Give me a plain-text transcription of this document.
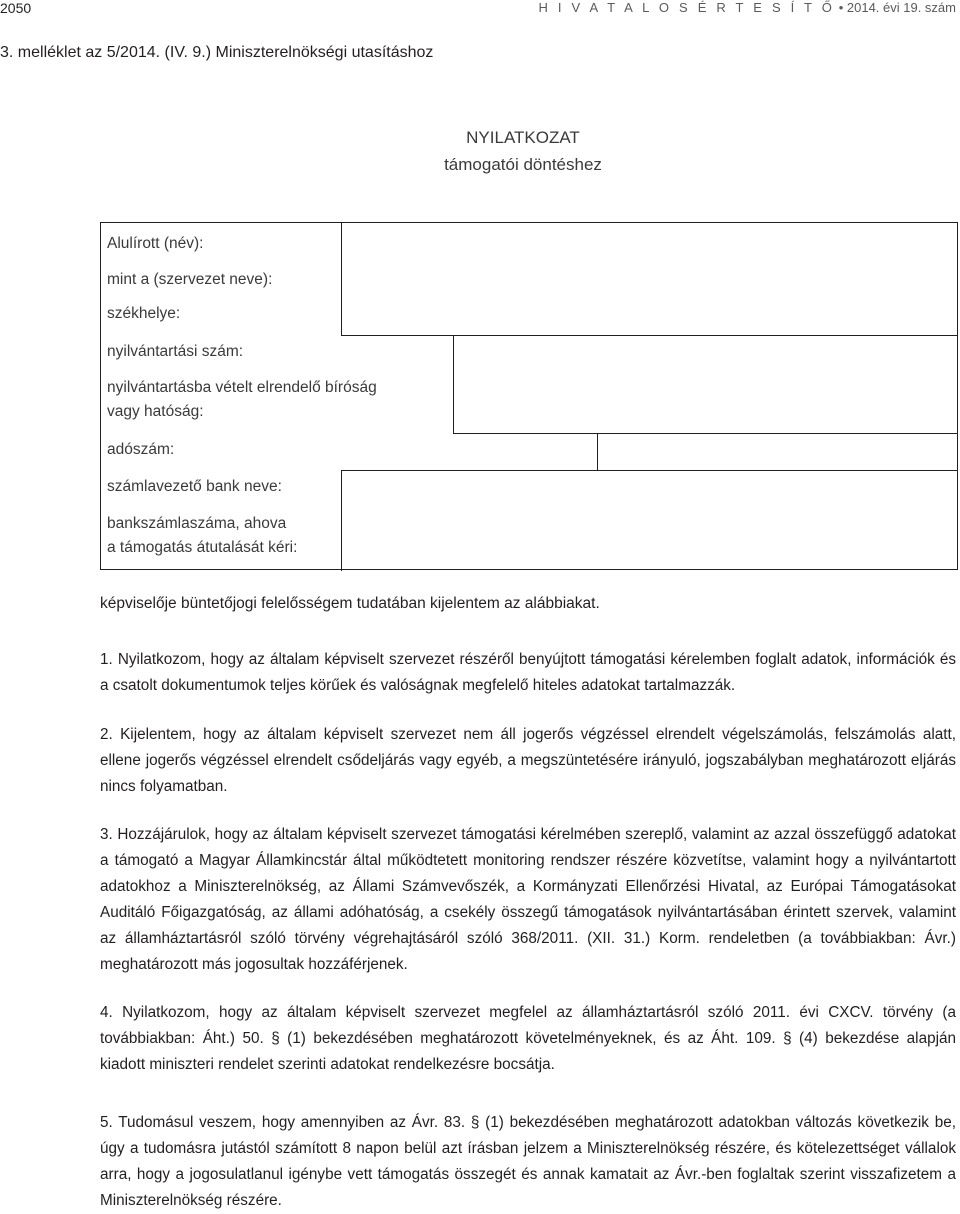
2050	H I V A T A L O S É R T E S Í T Ő • 2014. évi 19. szám
3. melléklet az 5/2014. (IV. 9.) Miniszterelnökségi utasításhoz
NYILATKOZAT
támogatói döntéshez
Alulírott (név):
mint a (szervezet neve):
székhelye:
nyilvántartási szám:
nyilvántartásba vételt elrendelő bíróság
vagy hatóság:
adószám:
számlavezető bank neve:
bankszámlaszáma, ahova
a támogatás átutalását kéri:
képviselője büntetőjogi felelősségem tudatában kijelentem az alábbiakat.
1. Nyilatkozom, hogy az általam képviselt szervezet részéről benyújtott támogatási kérelemben foglalt adatok, információk és a csatolt dokumentumok teljes körűek és valóságnak megfelelő hiteles adatokat tartalmazzák.
2. Kijelentem, hogy az általam képviselt szervezet nem áll jogerős végzéssel elrendelt végelszámolás, felszámolás alatt, ellene jogerős végzéssel elrendelt csődeljárás vagy egyéb, a megszüntetésére irányuló, jogszabályban meghatározott eljárás nincs folyamatban.
3. Hozzájárulok, hogy az általam képviselt szervezet támogatási kérelmében szereplő, valamint az azzal összefüggő adatokat a támogató a Magyar Államkincstár által működtetett monitoring rendszer részére közvetítse, valamint hogy a nyilvántartott adatokhoz a Miniszterelnökség, az Állami Számvevőszék, a Kormányzati Ellenőrzési Hivatal, az Európai Támogatásokat Auditáló Főigazgatóság, az állami adóhatóság, a csekély összegű támogatások nyilvántartásában érintett szervek, valamint az államháztartásról szóló törvény végrehajtásáról szóló 368/2011. (XII. 31.) Korm. rendeletben (a továbbiakban: Ávr.) meghatározott más jogosultak hozzáférjenek.
4. Nyilatkozom, hogy az általam képviselt szervezet megfelel az államháztartásról szóló 2011. évi CXCV. törvény (a továbbiakban: Áht.) 50. § (1) bekezdésében meghatározott követelményeknek, és az Áht. 109. § (4) bekezdése alapján kiadott miniszteri rendelet szerinti adatokat rendelkezésre bocsátja.
5. Tudomásul veszem, hogy amennyiben az Ávr. 83. § (1) bekezdésében meghatározott adatokban változás következik be, úgy a tudomásra jutástól számított 8 napon belül azt írásban jelzem a Miniszterelnökség részére, és kötelezettséget vállalok arra, hogy a jogosulatlanul igénybe vett támogatás összegét és annak kamatait az Ávr.-ben foglaltak szerint visszafizetem a Miniszterelnökség részére.
